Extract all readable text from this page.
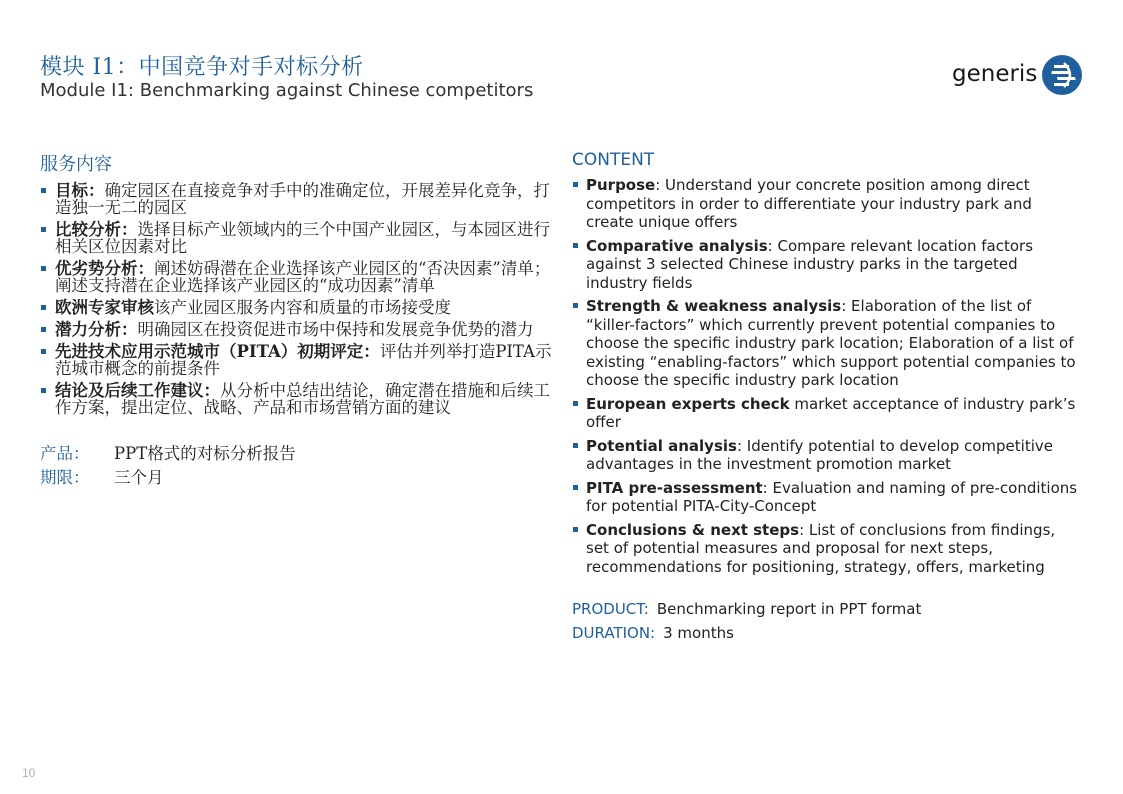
模块 I1：中国竞争对手对标分析
Module I1: Benchmarking against Chinese competitors
generis
服务内容
目标：确定园区在直接竞争对手中的准确定位，开展差异化竞争，打造独一无二的园区
比较分析：选择目标产业领域内的三个中国产业园区，与本园区进行相关区位因素对比
优劣势分析：阐述妨碍潜在企业选择该产业园区的“否决因素”清单；阐述支持潜在企业选择该产业园区的“成功因素”清单
欧洲专家审核该产业园区服务内容和质量的市场接受度
潜力分析：明确园区在投资促进市场中保持和发展竞争优势的潜力
先进技术应用示范城市（PITA）初期评定：评估并列举打造PITA示范城市概念的前提条件
结论及后续工作建议：从分析中总结出结论，确定潜在措施和后续工作方案，提出定位、战略、产品和市场营销方面的建议
产品：	PPT格式的对标分析报告
期限：	三个月
CONTENT
Purpose: Understand your concrete position among direct competitors in order to differentiate your industry park and create unique offers
Comparative analysis: Compare relevant location factors against 3 selected Chinese industry parks in the targeted industry fields
Strength & weakness analysis: Elaboration of the list of “killer-factors” which currently prevent potential companies to choose the specific industry park location; Elaboration of a list of existing “enabling-factors” which support potential companies to choose the specific industry park location
European experts check market acceptance of industry park’s offer
Potential analysis: Identify potential to develop competitive advantages in the investment promotion market
PITA pre-assessment: Evaluation and naming of pre-conditions for potential PITA-City-Concept
Conclusions & next steps: List of conclusions from findings, set of potential measures and proposal for next steps, recommendations for positioning, strategy, offers, marketing
PRODUCT: Benchmarking report in PPT format
DURATION: 3 months
10
